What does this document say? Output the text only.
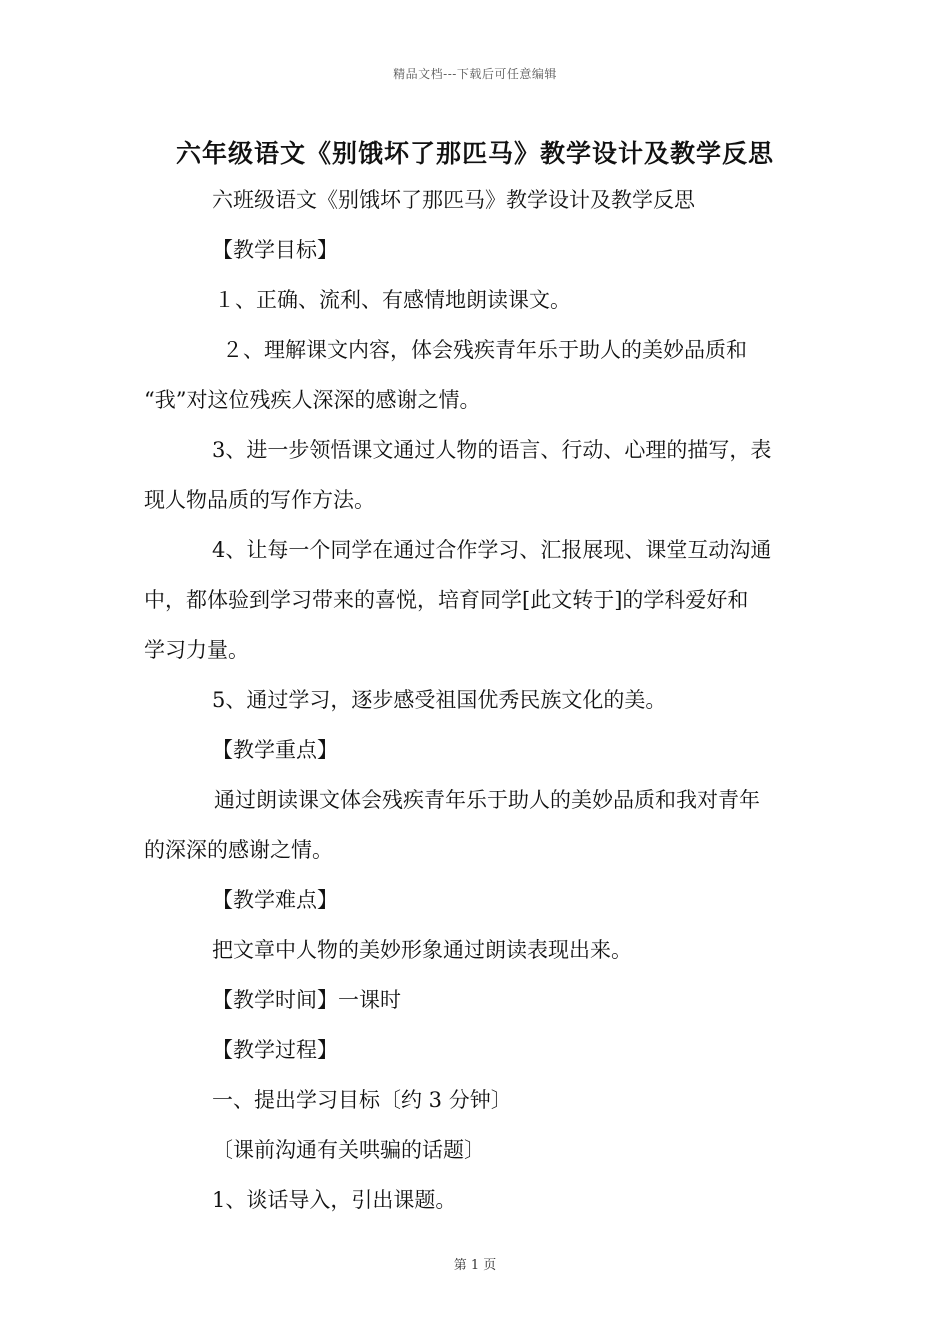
精品文档---下载后可任意编辑
六年级语文《别饿坏了那匹马》教学设计及教学反思
六班级语文《别饿坏了那匹马》教学设计及教学反思
【教学目标】
１、正确、流利、有感情地朗读课文。
２、理解课文内容，体会残疾青年乐于助人的美妙品质和
“我”对这位残疾人深深的感谢之情。
3、进一步领悟课文通过人物的语言、行动、心理的描写，表
现人物品质的写作方法。
4、让每一个同学在通过合作学习、汇报展现、课堂互动沟通
中，都体验到学习带来的喜悦，培育同学[此文转于]的学科爱好和
学习力量。
5、通过学习，逐步感受祖国优秀民族文化的美。
【教学重点】
通过朗读课文体会残疾青年乐于助人的美妙品质和我对青年
的深深的感谢之情。
【教学难点】
把文章中人物的美妙形象通过朗读表现出来。
【教学时间】一课时
【教学过程】
一、提出学习目标〔约 3 分钟〕
〔课前沟通有关哄骗的话题〕
1、谈话导入，引出课题。
第 1 页
